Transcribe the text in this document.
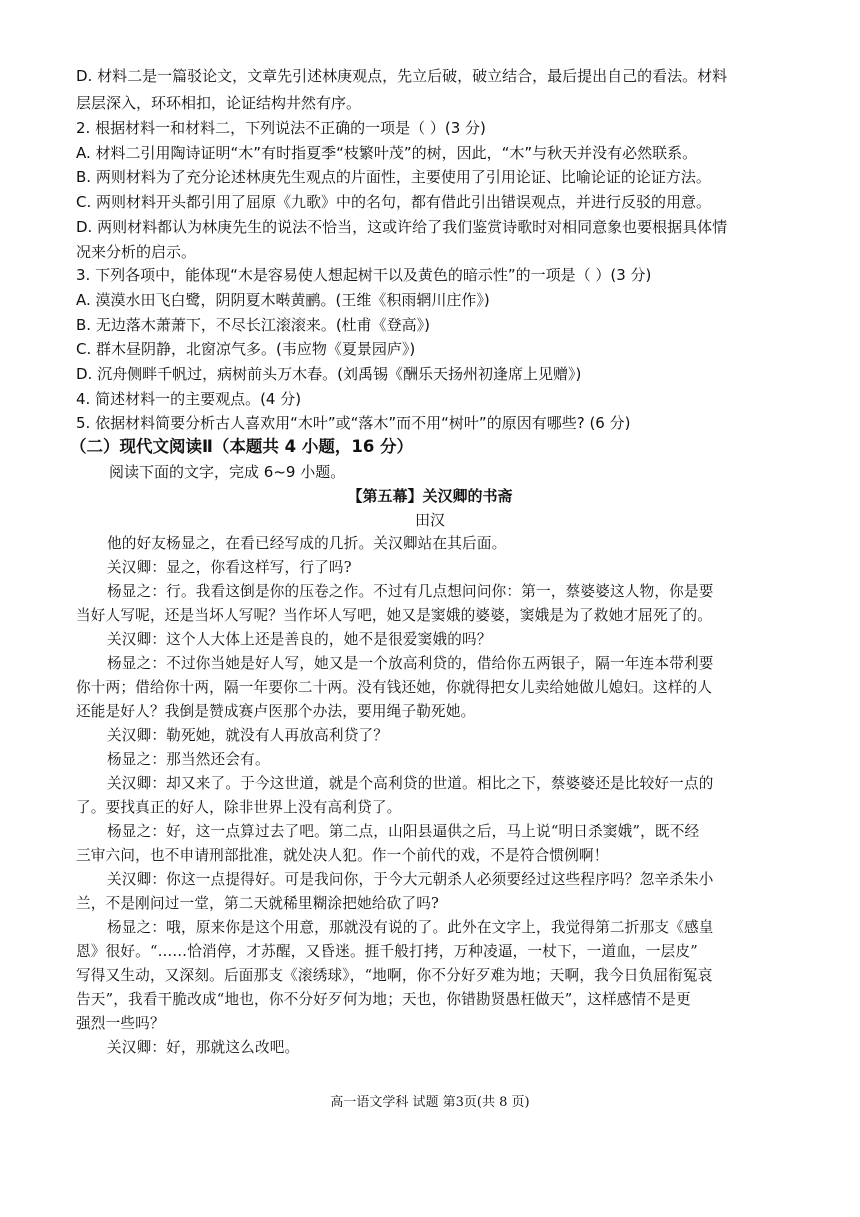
D. 材料二是一篇驳论文，文章先引述林庚观点，先立后破，破立结合，最后提出自己的看法。材料
层层深入，环环相扣，论证结构井然有序。
2. 根据材料一和材料二，下列说法不正确的一项是（ ）(3 分)
A. 材料二引用陶诗证明“木”有时指夏季“枝繁叶茂”的树，因此，“木”与秋天并没有必然联系。
B. 两则材料为了充分论述林庚先生观点的片面性，主要使用了引用论证、比喻论证的论证方法。
C. 两则材料开头都引用了屈原《九歌》中的名句，都有借此引出错误观点，并进行反驳的用意。
D. 两则材料都认为林庚先生的说法不恰当，这或许给了我们鉴赏诗歌时对相同意象也要根据具体情
况来分析的启示。
3. 下列各项中，能体现“木是容易使人想起树干以及黄色的暗示性”的一项是（ ）(3 分)
A. 漠漠水田飞白鹭，阴阴夏木啭黄鹂。(王维《积雨辋川庄作》)
B. 无边落木萧萧下，不尽长江滚滚来。(杜甫《登高》)
C. 群木昼阴静，北窗凉气多。(韦应物《夏景园庐》)
D. 沉舟侧畔千帆过，病树前头万木春。(刘禹锡《酬乐天扬州初逢席上见赠》)
4. 简述材料一的主要观点。(4 分)
5. 依据材料简要分析古人喜欢用“木叶”或“落木”而不用“树叶”的原因有哪些? (6 分)
（二）现代文阅读Ⅱ（本题共 4 小题，16 分）
阅读下面的文字，完成 6~9 小题。
【第五幕】关汉卿的书斋
田汉
他的好友杨显之，在看已经写成的几折。关汉卿站在其后面。
关汉卿：显之，你看这样写，行了吗?
杨显之：行。我看这倒是你的压卷之作。不过有几点想问问你：第一，蔡婆婆这人物，你是要
当好人写呢，还是当坏人写呢？当作坏人写吧，她又是窦娥的婆婆，窦娥是为了救她才屈死了的。
关汉卿：这个人大体上还是善良的，她不是很爱窦娥的吗？
杨显之：不过你当她是好人写，她又是一个放高利贷的，借给你五两银子，隔一年连本带利要
你十两；借给你十两，隔一年要你二十两。没有钱还她，你就得把女儿卖给她做儿媳妇。这样的人
还能是好人？我倒是赞成赛卢医那个办法，要用绳子勒死她。
关汉卿：勒死她，就没有人再放高利贷了？
杨显之：那当然还会有。
关汉卿：却又来了。于今这世道，就是个高利贷的世道。相比之下，蔡婆婆还是比较好一点的
了。要找真正的好人，除非世界上没有高利贷了。
杨显之：好，这一点算过去了吧。第二点，山阳县逼供之后，马上说“明日杀窦娥”，既不经
三审六问，也不申请刑部批准，就处决人犯。作一个前代的戏，不是符合惯例啊！
关汉卿：你这一点提得好。可是我问你，于今大元朝杀人必须要经过这些程序吗？忽辛杀朱小
兰，不是刚问过一堂，第二天就稀里糊涂把她给砍了吗?
杨显之：哦，原来你是这个用意，那就没有说的了。此外在文字上，我觉得第二折那支《感皇
恩》很好。“……恰消停，才苏醒，又昏迷。捱千般打拷，万种凌逼，一杖下，一道血，一层皮”
写得又生动，又深刻。后面那支《滚绣球》，“地啊，你不分好歹难为地；天啊，我今日负屈衔冤哀
告天”，我看干脆改成“地也，你不分好歹何为地；天也，你错勘贤愚枉做天”，这样感情不是更
强烈一些吗？
关汉卿：好，那就这么改吧。
高一语文学科 试题 第3页(共 8 页)
